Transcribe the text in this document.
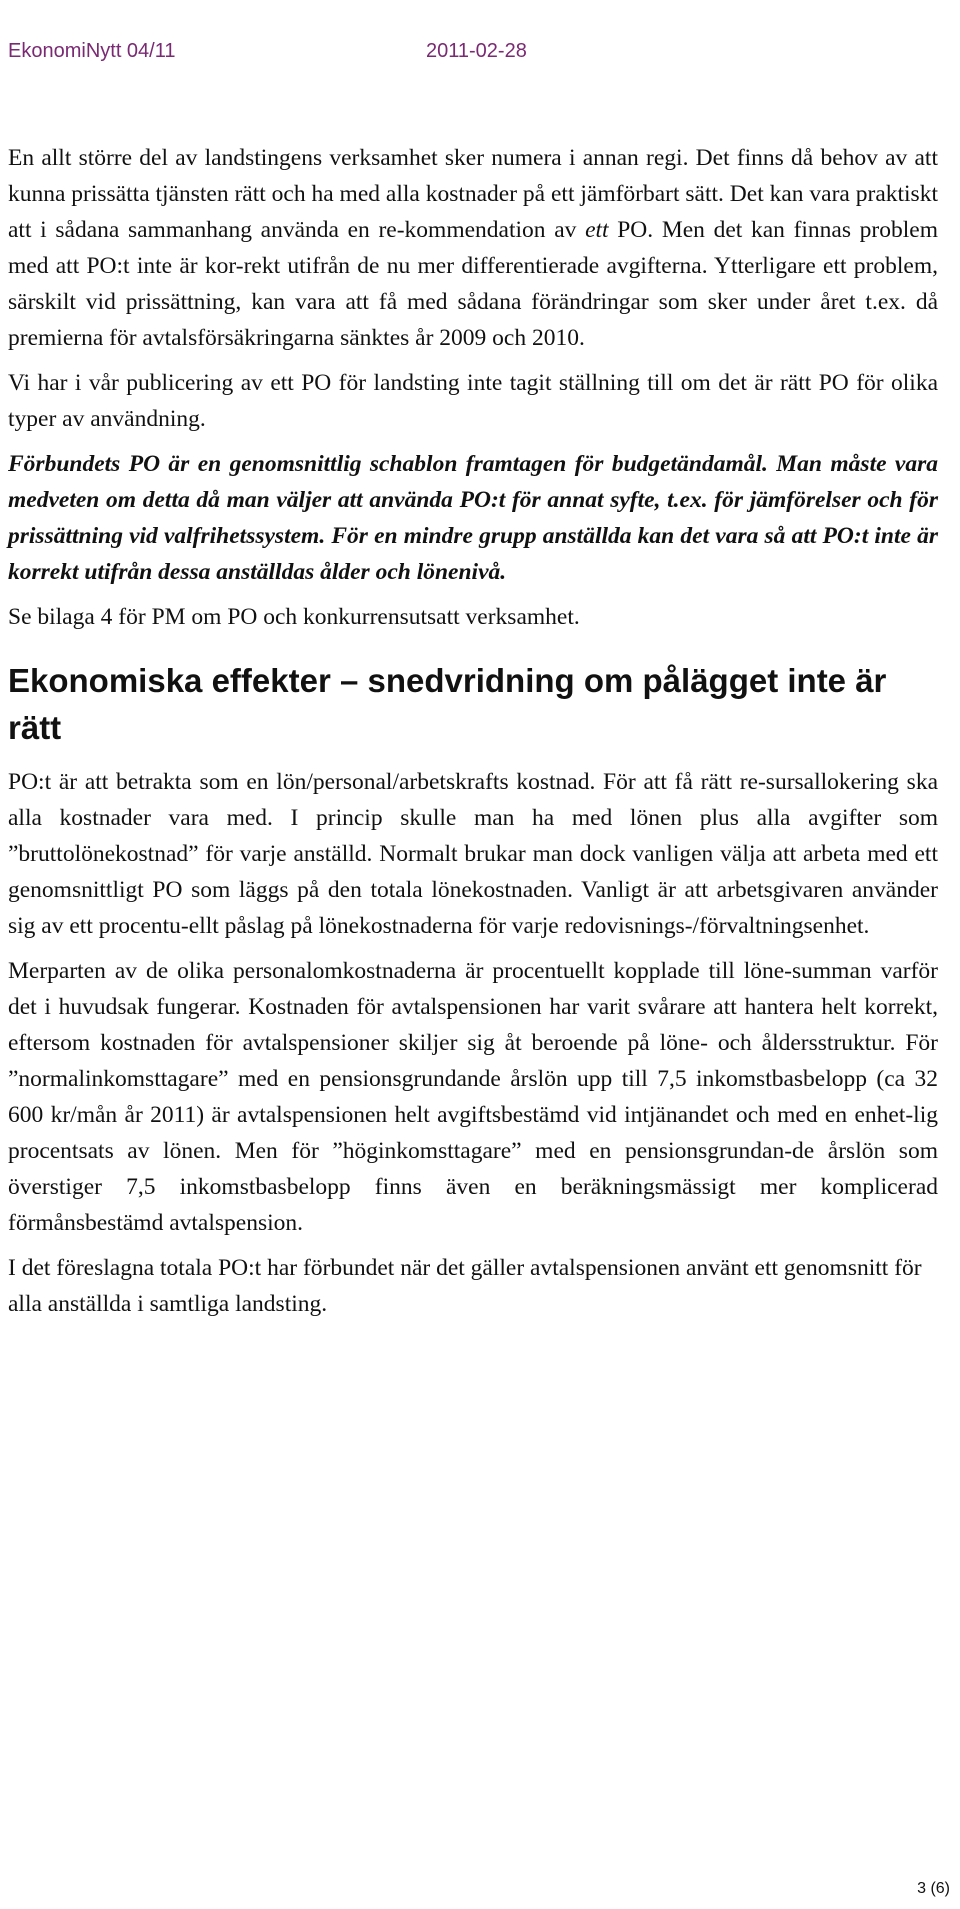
EkonomiNytt 04/11	2011-02-28

En allt större del av landstingens verksamhet sker numera i annan regi. Det finns då behov av att kunna prissätta tjänsten rätt och ha med alla kostnader på ett jämförbart sätt. Det kan vara praktiskt att i sådana sammanhang använda en re-kommendation av ett PO. Men det kan finnas problem med att PO:t inte är kor-rekt utifrån de nu mer differentierade avgifterna. Ytterligare ett problem, särskilt vid prissättning, kan vara att få med sådana förändringar som sker under året t.ex. då premierna för avtalsförsäkringarna sänktes år 2009 och 2010.

Vi har i vår publicering av ett PO för landsting inte tagit ställning till om det är rätt PO för olika typer av användning.

Förbundets PO är en genomsnittlig schablon framtagen för budgetändamål. Man måste vara medveten om detta då man väljer att använda PO:t för annat syfte, t.ex. för jämförelser och för prissättning vid valfrihetssystem. För en mindre grupp anställda kan det vara så att PO:t inte är korrekt utifrån dessa anställdas ålder och lönenivå.

Se bilaga 4 för PM om PO och konkurrensutsatt verksamhet.

Ekonomiska effekter – snedvridning om pålägget inte är rätt

PO:t är att betrakta som en lön/personal/arbetskrafts kostnad. För att få rätt re-sursallokering ska alla kostnader vara med. I princip skulle man ha med lönen plus alla avgifter som ”bruttolönekostnad” för varje anställd. Normalt brukar man dock vanligen välja att arbeta med ett genomsnittligt PO som läggs på den totala lönekostnaden. Vanligt är att arbetsgivaren använder sig av ett procentu-ellt påslag på lönekostnaderna för varje redovisnings-/förvaltningsenhet.

Merparten av de olika personalomkostnaderna är procentuellt kopplade till löne-summan varför det i huvudsak fungerar. Kostnaden för avtalspensionen har varit svårare att hantera helt korrekt, eftersom kostnaden för avtalspensioner skiljer sig åt beroende på löne- och åldersstruktur. För ”normalinkomsttagare” med en pensionsgrundande årslön upp till 7,5 inkomstbasbelopp (ca 32 600 kr/mån år 2011) är avtalspensionen helt avgiftsbestämd vid intjänandet och med en enhet-lig procentsats av lönen. Men för ”höginkomsttagare” med en pensionsgrundan-de årslön som överstiger 7,5 inkomstbasbelopp finns även en beräkningsmässigt mer komplicerad förmånsbestämd avtalspension.

I det föreslagna totala PO:t har förbundet när det gäller avtalspensionen använt ett genomsnitt för alla anställda i samtliga landsting.

3 (6)
